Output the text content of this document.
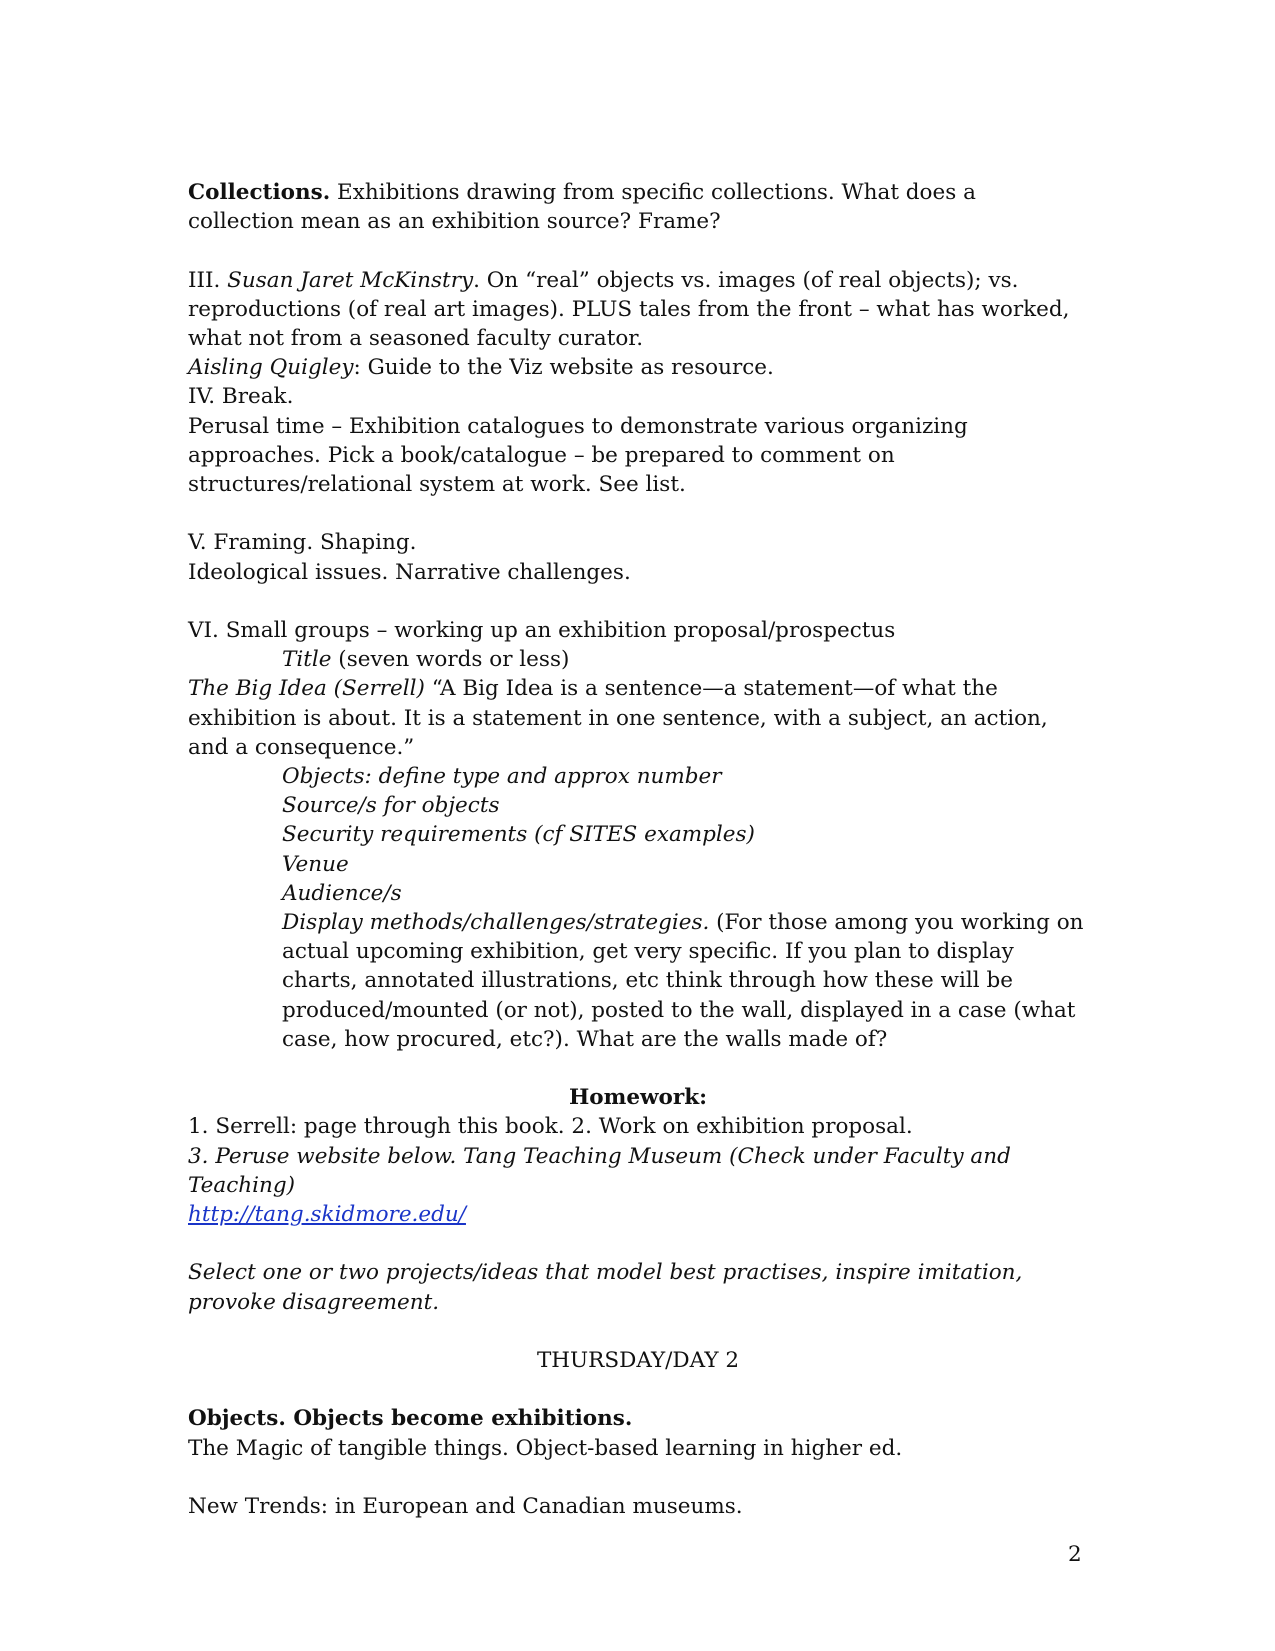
Collections. Exhibitions drawing from specific collections. What does a collection mean as an exhibition source? Frame?

III. Susan Jaret McKinstry. On “real” objects vs. images (of real objects); vs. reproductions (of real art images). PLUS tales from the front – what has worked, what not from a seasoned faculty curator.

Aisling Quigley: Guide to the Viz website as resource.

IV. Break.

Perusal time – Exhibition catalogues to demonstrate various organizing approaches. Pick a book/catalogue – be prepared to comment on structures/relational system at work. See list.

V. Framing. Shaping.

Ideological issues. Narrative challenges.

VI. Small groups – working up an exhibition proposal/prospectus

Title (seven words or less)

The Big Idea (Serrell) “A Big Idea is a sentence—a statement—of what the exhibition is about. It is a statement in one sentence, with a subject, an action, and a consequence.”

Objects: define type and approx number

Source/s for objects

Security requirements (cf SITES examples)

Venue

Audience/s

Display methods/challenges/strategies. (For those among you working on actual upcoming exhibition, get very specific. If you plan to display charts, annotated illustrations, etc think through how these will be produced/mounted (or not), posted to the wall, displayed in a case (what case, how procured, etc?). What are the walls made of?

Homework:

1. Serrell: page through this book. 2. Work on exhibition proposal.

3. Peruse website below. Tang Teaching Museum (Check under Faculty and Teaching)

http://tang.skidmore.edu/

Select one or two projects/ideas that model best practises, inspire imitation, provoke disagreement.

THURSDAY/DAY 2

Objects. Objects become exhibitions.

The Magic of tangible things. Object-based learning in higher ed.

New Trends: in European and Canadian museums.

2
